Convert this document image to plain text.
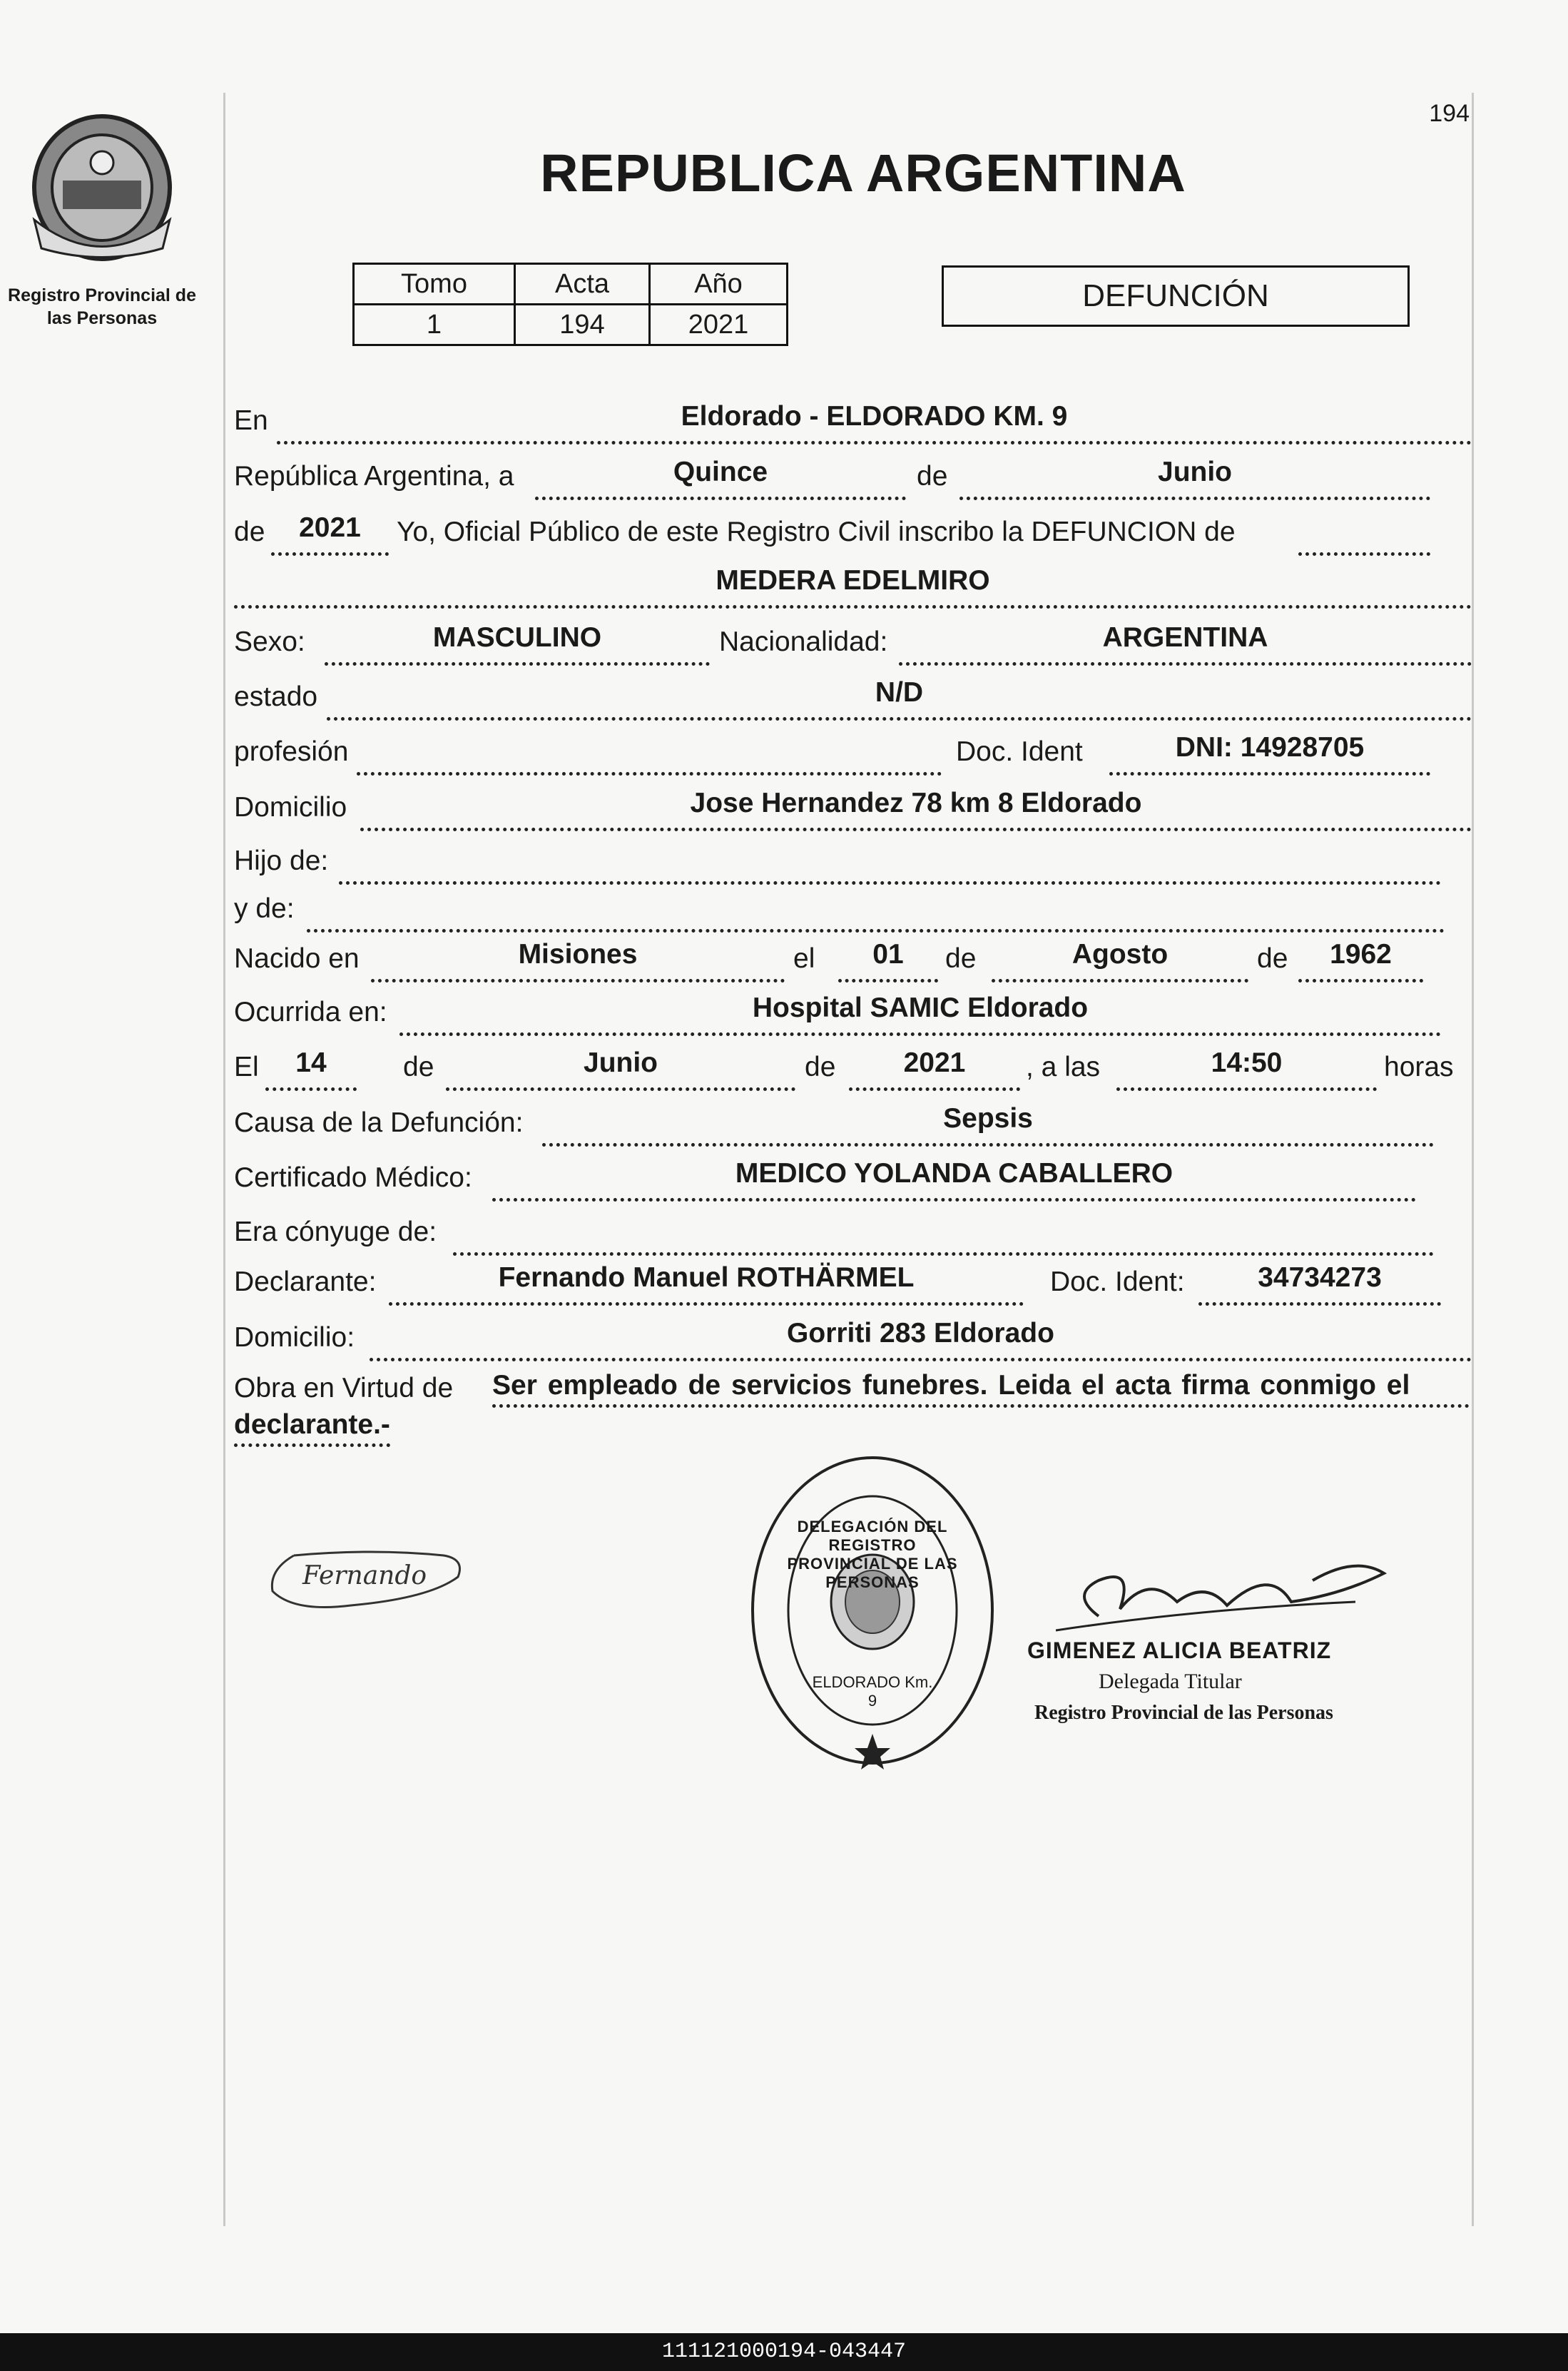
Registro Provincial de las Personas
194
REPUBLICA ARGENTINA
Tomo	Acta	Año
1	194	2021
DEFUNCIÓN
En	Eldorado - ELDORADO KM. 9
República Argentina, a	Quince	de	Junio
de	2021	Yo, Oficial Público de este Registro Civil inscribo la DEFUNCION de
MEDERA EDELMIRO
Sexo:	MASCULINO	Nacionalidad:	ARGENTINA
estado	N/D
profesión	Doc. Ident	DNI: 14928705
Domicilio	Jose Hernandez 78 km 8 Eldorado
Hijo de:
y de:
Nacido en	Misiones	el	01	de	Agosto	de	1962
Ocurrida en:	Hospital SAMIC Eldorado
El	14	de	Junio	de	2021	, a las	14:50	horas
Causa de la Defunción:	Sepsis
Certificado Médico:	MEDICO YOLANDA CABALLERO
Era cónyuge de:
Declarante:	Fernando Manuel ROTHÄRMEL	Doc. Ident:	34734273
Domicilio:	Gorriti 283 Eldorado
Obra en Virtud de Ser empleado de servicios funebres. Leida el acta firma conmigo el
declarante.-
Fernando
DELEGACIÓN DEL REGISTRO PROVINCIAL DE LAS PERSONAS
ELDORADO Km. 9
GIMENEZ ALICIA BEATRIZ
Delegada Titular
Registro Provincial de las Personas
111121000194-043447
